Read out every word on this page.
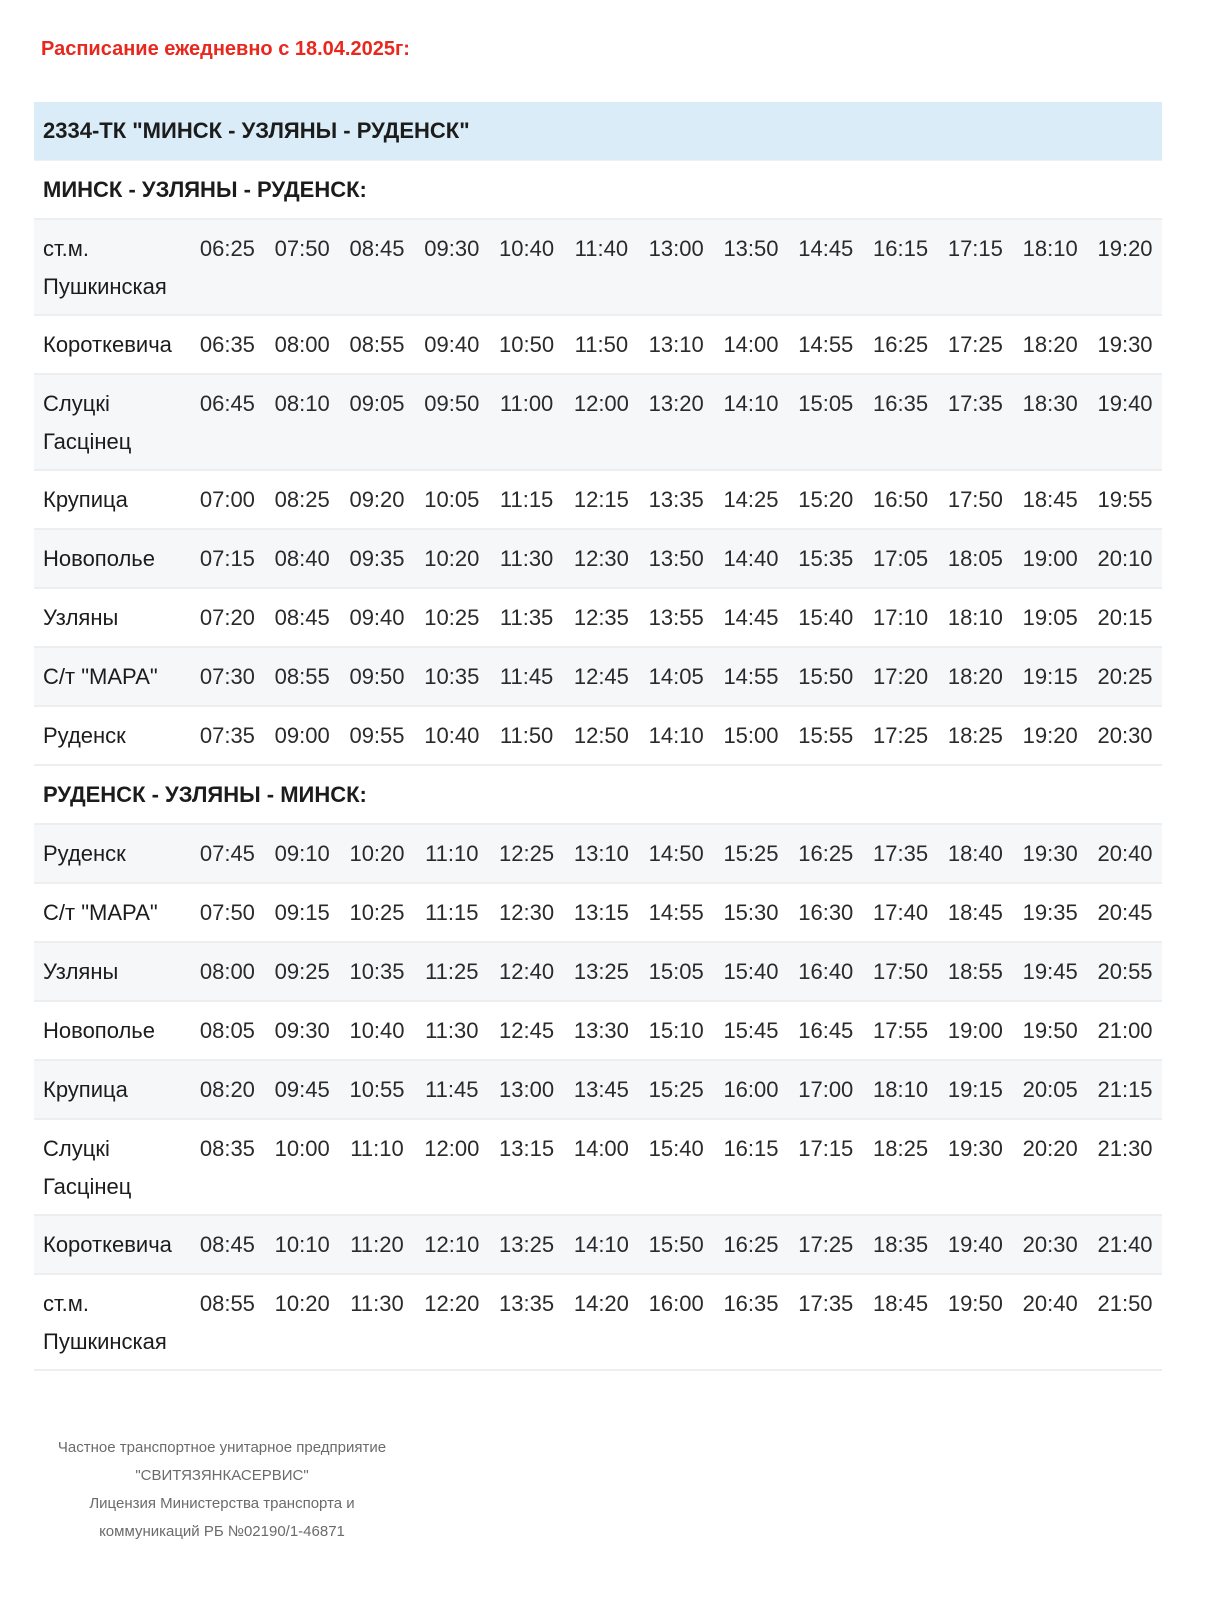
Расписание ежедневно с 18.04.2025г:
2334-ТК "МИНСК - УЗЛЯНЫ - РУДЕНСК"													
МИНСК - УЗЛЯНЫ - РУДЕНСК:													
ст.м. Пушкинская	06:25	07:50	08:45	09:30	10:40	11:40	13:00	13:50	14:45	16:15	17:15	18:10	19:20
Короткевича	06:35	08:00	08:55	09:40	10:50	11:50	13:10	14:00	14:55	16:25	17:25	18:20	19:30
Слуцкі Гасцінец	06:45	08:10	09:05	09:50	11:00	12:00	13:20	14:10	15:05	16:35	17:35	18:30	19:40
Крупица	07:00	08:25	09:20	10:05	11:15	12:15	13:35	14:25	15:20	16:50	17:50	18:45	19:55
Новополье	07:15	08:40	09:35	10:20	11:30	12:30	13:50	14:40	15:35	17:05	18:05	19:00	20:10
Узляны	07:20	08:45	09:40	10:25	11:35	12:35	13:55	14:45	15:40	17:10	18:10	19:05	20:15
С/т "МАРА"	07:30	08:55	09:50	10:35	11:45	12:45	14:05	14:55	15:50	17:20	18:20	19:15	20:25
Руденск	07:35	09:00	09:55	10:40	11:50	12:50	14:10	15:00	15:55	17:25	18:25	19:20	20:30
РУДЕНСК - УЗЛЯНЫ - МИНСК:													
Руденск	07:45	09:10	10:20	11:10	12:25	13:10	14:50	15:25	16:25	17:35	18:40	19:30	20:40
С/т "МАРА"	07:50	09:15	10:25	11:15	12:30	13:15	14:55	15:30	16:30	17:40	18:45	19:35	20:45
Узляны	08:00	09:25	10:35	11:25	12:40	13:25	15:05	15:40	16:40	17:50	18:55	19:45	20:55
Новополье	08:05	09:30	10:40	11:30	12:45	13:30	15:10	15:45	16:45	17:55	19:00	19:50	21:00
Крупица	08:20	09:45	10:55	11:45	13:00	13:45	15:25	16:00	17:00	18:10	19:15	20:05	21:15
Слуцкі Гасцінец	08:35	10:00	11:10	12:00	13:15	14:00	15:40	16:15	17:15	18:25	19:30	20:20	21:30
Короткевича	08:45	10:10	11:20	12:10	13:25	14:10	15:50	16:25	17:25	18:35	19:40	20:30	21:40
ст.м. Пушкинская	08:55	10:20	11:30	12:20	13:35	14:20	16:00	16:35	17:35	18:45	19:50	20:40	21:50
Частное транспортное унитарное предприятие
"СВИТЯЗЯНКАСЕРВИС"
Лицензия Министерства транспорта и
коммуникаций РБ №02190/1-46871
